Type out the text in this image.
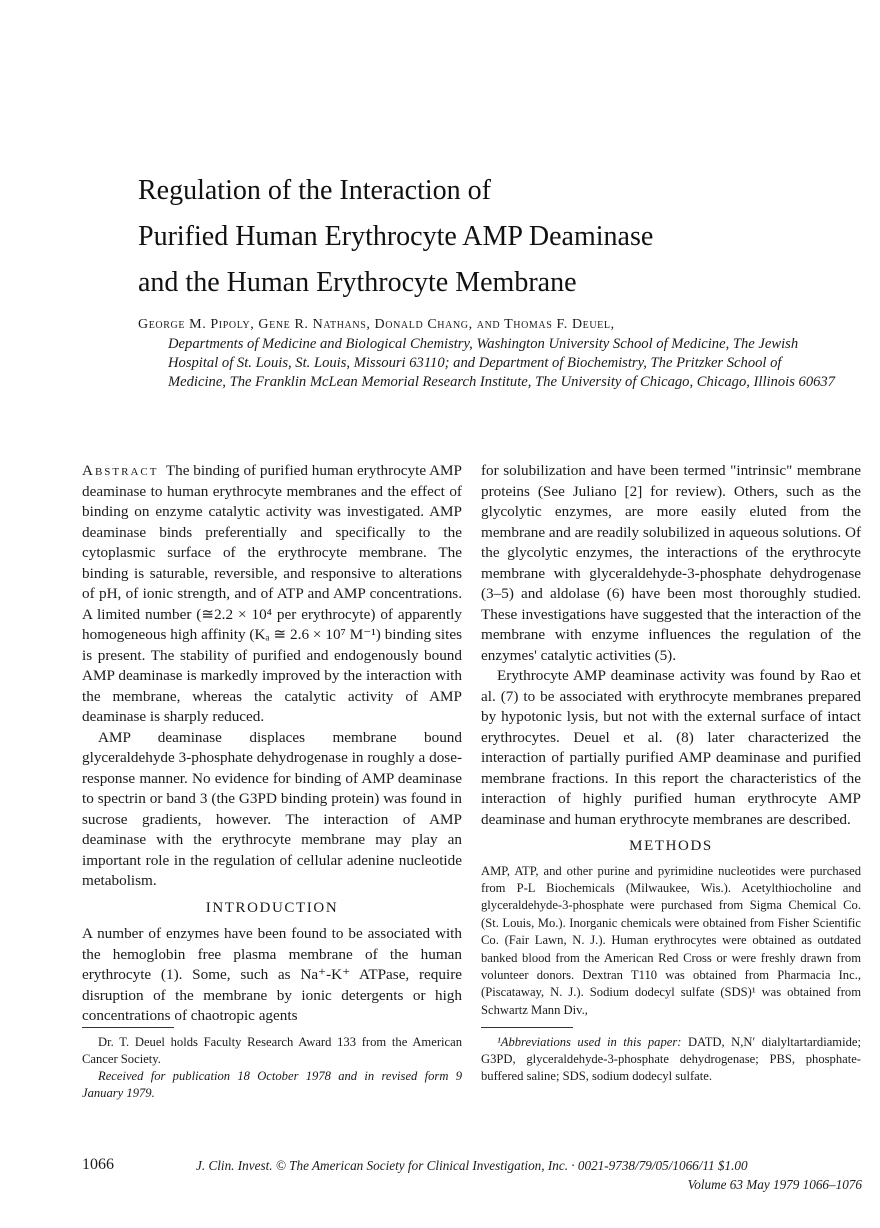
Regulation of the Interaction of
Purified Human Erythrocyte AMP Deaminase
and the Human Erythrocyte Membrane
George M. Pipoly, Gene R. Nathans, Donald Chang, and Thomas F. Deuel,
Departments of Medicine and Biological Chemistry, Washington University School of Medicine, The Jewish Hospital of St. Louis, St. Louis, Missouri 63110; and Department of Biochemistry, The Pritzker School of Medicine, The Franklin McLean Memorial Research Institute, The University of Chicago, Chicago, Illinois 60637

Abstract The binding of purified human erythrocyte AMP deaminase to human erythrocyte membranes and the effect of binding on enzyme catalytic activity was investigated. AMP deaminase binds preferentially and specifically to the cytoplasmic surface of the erythrocyte membrane. The binding is saturable, reversible, and responsive to alterations of pH, of ionic strength, and of ATP and AMP concentrations. A limited number (≅2.2 × 10⁴ per erythrocyte) of apparently homogeneous high affinity (Kₐ ≅ 2.6 × 10⁷ M⁻¹) binding sites is present. The stability of purified and endogenously bound AMP deaminase is markedly improved by the interaction with the membrane, whereas the catalytic activity of AMP deaminase is sharply reduced.

AMP deaminase displaces membrane bound glyceraldehyde 3-phosphate dehydrogenase in roughly a dose-response manner. No evidence for binding of AMP deaminase to spectrin or band 3 (the G3PD binding protein) was found in sucrose gradients, however. The interaction of AMP deaminase with the erythrocyte membrane may play an important role in the regulation of cellular adenine nucleotide metabolism.

INTRODUCTION

A number of enzymes have been found to be associated with the hemoglobin free plasma membrane of the human erythrocyte (1). Some, such as Na⁺-K⁺ ATPase, require disruption of the membrane by ionic detergents or high concentrations of chaotropic agents

for solubilization and have been termed "intrinsic" membrane proteins (See Juliano [2] for review). Others, such as the glycolytic enzymes, are more easily eluted from the membrane and are readily solubilized in aqueous solutions. Of the glycolytic enzymes, the interactions of the erythrocyte membrane with glyceraldehyde-3-phosphate dehydrogenase (3–5) and aldolase (6) have been most thoroughly studied. These investigations have suggested that the interaction of the membrane with enzyme influences the regulation of the enzymes' catalytic activities (5).

Erythrocyte AMP deaminase activity was found by Rao et al. (7) to be associated with erythrocyte membranes prepared by hypotonic lysis, but not with the external surface of intact erythrocytes. Deuel et al. (8) later characterized the interaction of partially purified AMP deaminase and purified membrane fractions. In this report the characteristics of the interaction of highly purified human erythrocyte AMP deaminase and human erythrocyte membranes are described.

METHODS

AMP, ATP, and other purine and pyrimidine nucleotides were purchased from P-L Biochemicals (Milwaukee, Wis.). Acetylthiocholine and glyceraldehyde-3-phosphate were purchased from Sigma Chemical Co. (St. Louis, Mo.). Inorganic chemicals were obtained from Fisher Scientific Co. (Fair Lawn, N. J.). Human erythrocytes were obtained as outdated banked blood from the American Red Cross or were freshly drawn from volunteer donors. Dextran T110 was obtained from Pharmacia Inc., (Piscataway, N. J.). Sodium dodecyl sulfate (SDS)¹ was obtained from Schwartz Mann Div.,

Dr. T. Deuel holds Faculty Research Award 133 from the American Cancer Society.

Received for publication 18 October 1978 and in revised form 9 January 1979.

¹Abbreviations used in this paper: DATD, N,N′ dialyltartardiamide; G3PD, glyceraldehyde-3-phosphate dehydrogenase; PBS, phosphate-buffered saline; SDS, sodium dodecyl sulfate.

1066	J. Clin. Invest. © The American Society for Clinical Investigation, Inc. · 0021-9738/79/05/1066/11 $1.00
Volume 63 May 1979 1066–1076
